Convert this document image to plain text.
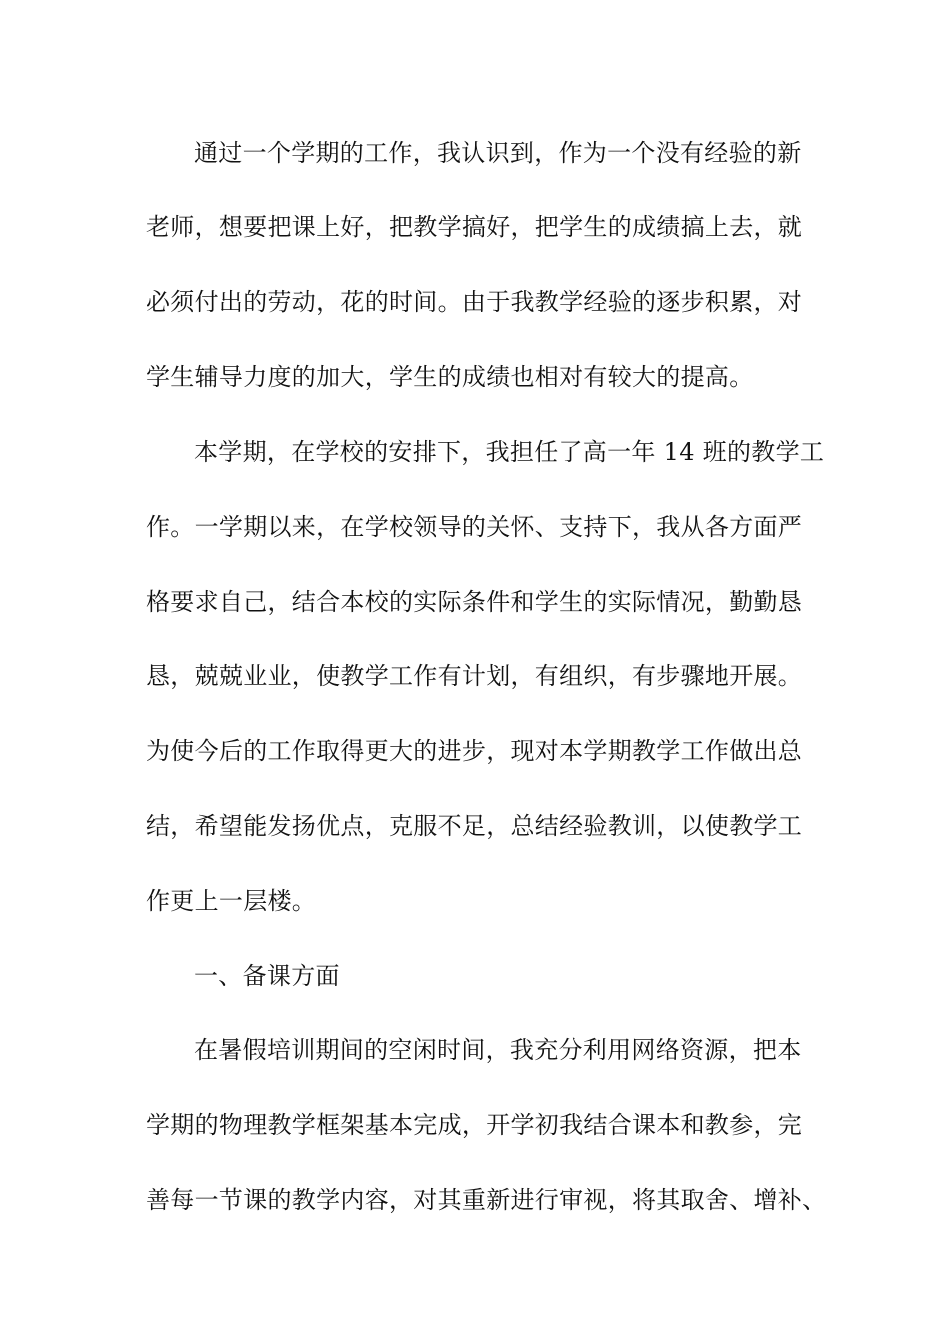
通过一个学期的工作，我认识到，作为一个没有经验的新
老师，想要把课上好，把教学搞好，把学生的成绩搞上去，就
必须付出的劳动，花的时间。由于我教学经验的逐步积累，对
学生辅导力度的加大，学生的成绩也相对有较大的提高。
本学期，在学校的安排下，我担任了高一年 14 班的教学工
作。一学期以来，在学校领导的关怀、支持下，我从各方面严
格要求自己，结合本校的实际条件和学生的实际情况，勤勤恳
恳，兢兢业业，使教学工作有计划，有组织，有步骤地开展。
为使今后的工作取得更大的进步，现对本学期教学工作做出总
结，希望能发扬优点，克服不足，总结经验教训，以使教学工
作更上一层楼。
一、备课方面
在暑假培训期间的空闲时间，我充分利用网络资源，把本
学期的物理教学框架基本完成，开学初我结合课本和教参，完
善每一节课的教学内容，对其重新进行审视，将其取舍、增补、
